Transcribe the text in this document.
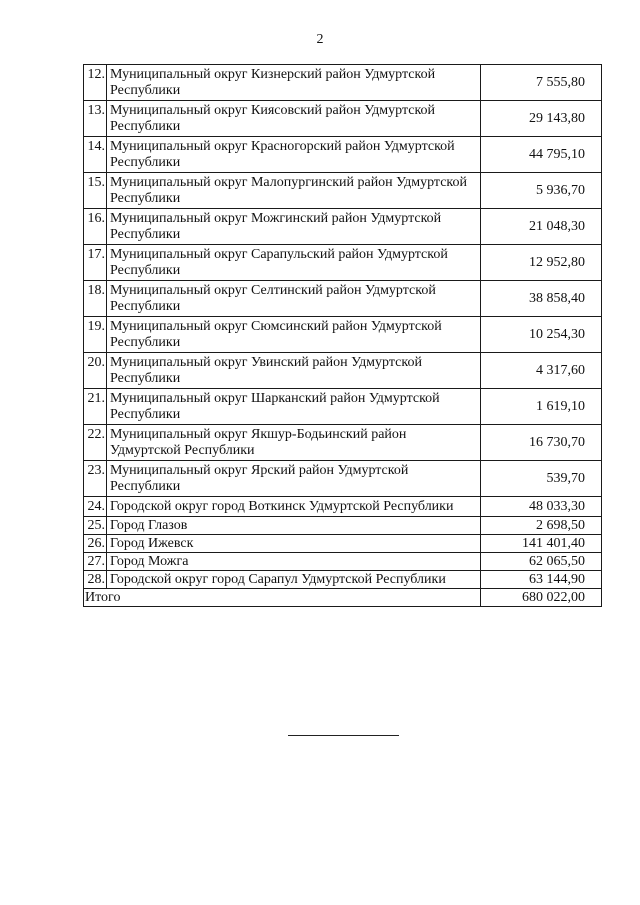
2
12.	Муниципальный округ Кизнерский район Удмуртской Республики	7 555,80
13.	Муниципальный округ Киясовский район Удмуртской Республики	29 143,80
14.	Муниципальный округ Красногорский район Удмуртской Республики	44 795,10
15.	Муниципальный округ Малопургинский район Удмуртской Республики	5 936,70
16.	Муниципальный округ Можгинский район Удмуртской Республики	21 048,30
17.	Муниципальный округ Сарапульский район Удмуртской Республики	12 952,80
18.	Муниципальный округ Селтинский район Удмуртской Республики	38 858,40
19.	Муниципальный округ Сюмсинский район Удмуртской Республики	10 254,30
20.	Муниципальный округ Увинский район Удмуртской Республики	4 317,60
21.	Муниципальный округ Шарканский район Удмуртской Республики	1 619,10
22.	Муниципальный округ Якшур-Бодьинский район Удмуртской Республики	16 730,70
23.	Муниципальный округ Ярский район Удмуртской Республики	539,70
24.	Городской округ город Воткинск Удмуртской Республики	48 033,30
25.	Город Глазов	2 698,50
26.	Город Ижевск	141 401,40
27.	Город Можга	62 065,50
28.	Городской округ город Сарапул Удмуртской Республики	63 144,90
Итого		680 022,00
